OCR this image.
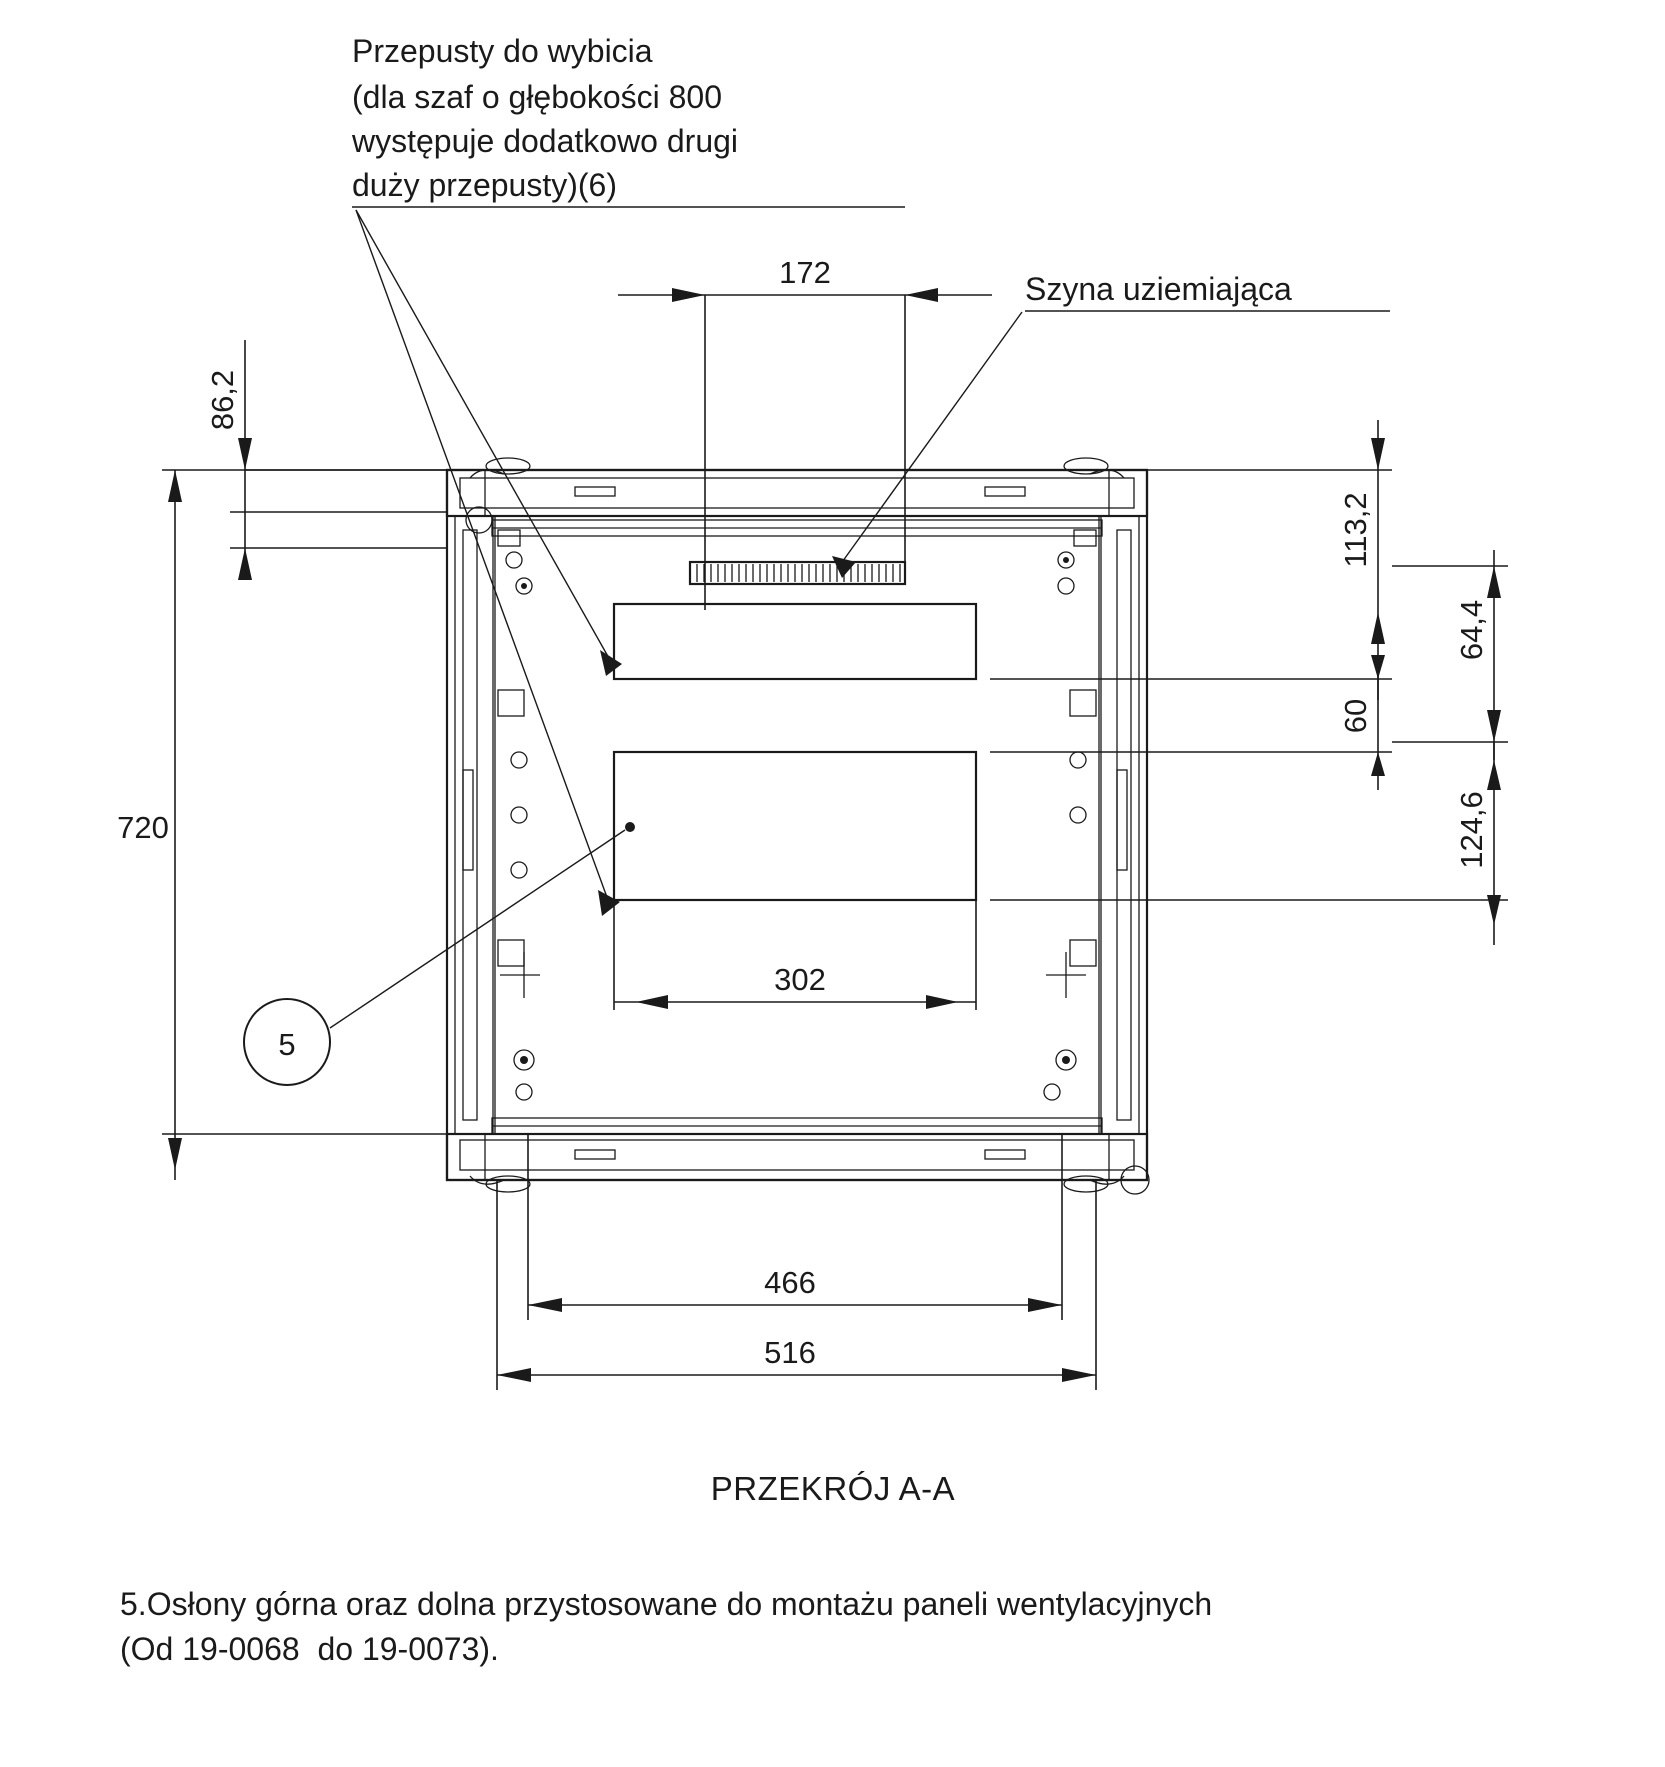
Przepusty do wybicia
(dla szaf o głębokości 800
występuje dodatkowo drugi
duży przepusty)(6)
Szyna uziemiająca
5
172
86,2
720
113,2
64,4
60
124,6
302
466
516
PRZEKRÓJ A-A
5.Osłony górna oraz dolna przystosowane do montażu paneli wentylacyjnych
(Od 19-0068  do 19-0073).
